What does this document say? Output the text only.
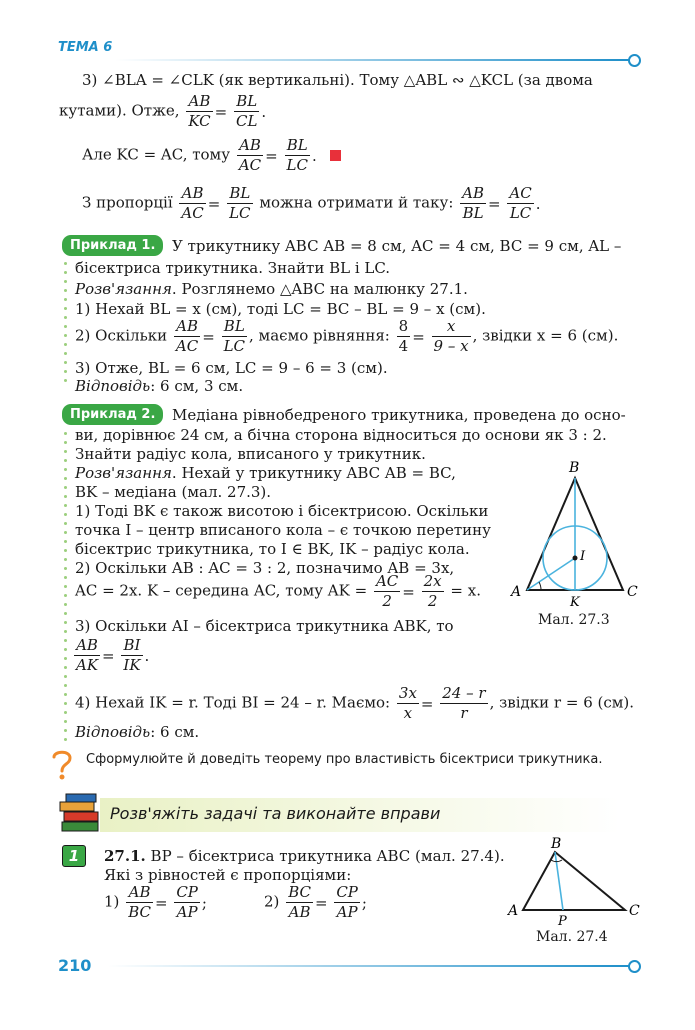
ТЕМА 6
3) ∠BLA = ∠CLK (як вертикальні). Тому △ABL ∾ △KCL (за двома
кутами). Отже, $\frac{AB}{KC} = \frac{BL}{CL}$ .
Але KC = AC, тому $\frac{AB}{AC} = \frac{BL}{LC}$ .
З пропорції $\frac{AB}{AC} = \frac{BL}{LC}$ можна отримати й таку: $\frac{AB}{BL} = \frac{AC}{LC}$ .
Приклад 1.	У трикутнику ABC AB = 8 см, AC = 4 см, BC = 9 см, AL –
бісектриса трикутника. Знайти BL і LC.
Розв'язання. Розглянемо △ABC на малюнку 27.1.
1) Нехай BL = x (см), тоді LC = BC – BL = 9 – x (см).
2) Оскільки $\frac{AB}{AC} = \frac{BL}{LC}$ , маємо рівняння: $\frac{8}{4} = \frac{x}{9 - x}$ , звідки x = 6 (см).
3) Отже, BL = 6 см, LC = 9 – 6 = 3 (см).
Відповідь: 6 см, 3 см.
Приклад 2.	Медіана рівнобедреного трикутника, проведена до осно-
ви, дорівнює 24 см, а бічна сторона відноситься до основи як 3 : 2.
Знайти радіус кола, вписаного у трикутник.
Розв'язання. Нехай у трикутнику ABC AB = BC,
BK – медіана (мал. 27.3).
1) Тоді BK є також висотою і бісектрисою. Оскільки
точка I – центр вписаного кола – є точкою перетину
бісектрис трикутника, то I ∈ BK, IK – радіус кола.
2) Оскільки AB : AC = 3 : 2, позначимо AB = 3x,
AC = 2x. K – середина AC, тому AK = $\frac{AC}{2} = \frac{2x}{2} = x$.
3) Оскільки AI – бісектриса трикутника ABK, то
$\frac{AB}{AK} = \frac{BI}{IK}$ .
4) Нехай IK = r. Тоді BI = 24 – r. Маємо: $\frac{3x}{x} = \frac{24 - r}{r}$ , звідки r = 6 (см).
Відповідь: 6 см.
B
A	C
K
I
Мал. 27.3
Сформулюйте й доведіть теорему про властивість бісектриси трикутника.
Розв'яжіть задачі та виконайте вправи
1	27.1. BP – бісектриса трикутника ABC (мал. 27.4).
Які з рівностей є пропорціями:
$1) \frac{AB}{BC} = \frac{CP}{AP}$ ;	$2) \frac{BC}{AB} = \frac{CP}{AP}$ ;
B
A	C
P
Мал. 27.4
210
